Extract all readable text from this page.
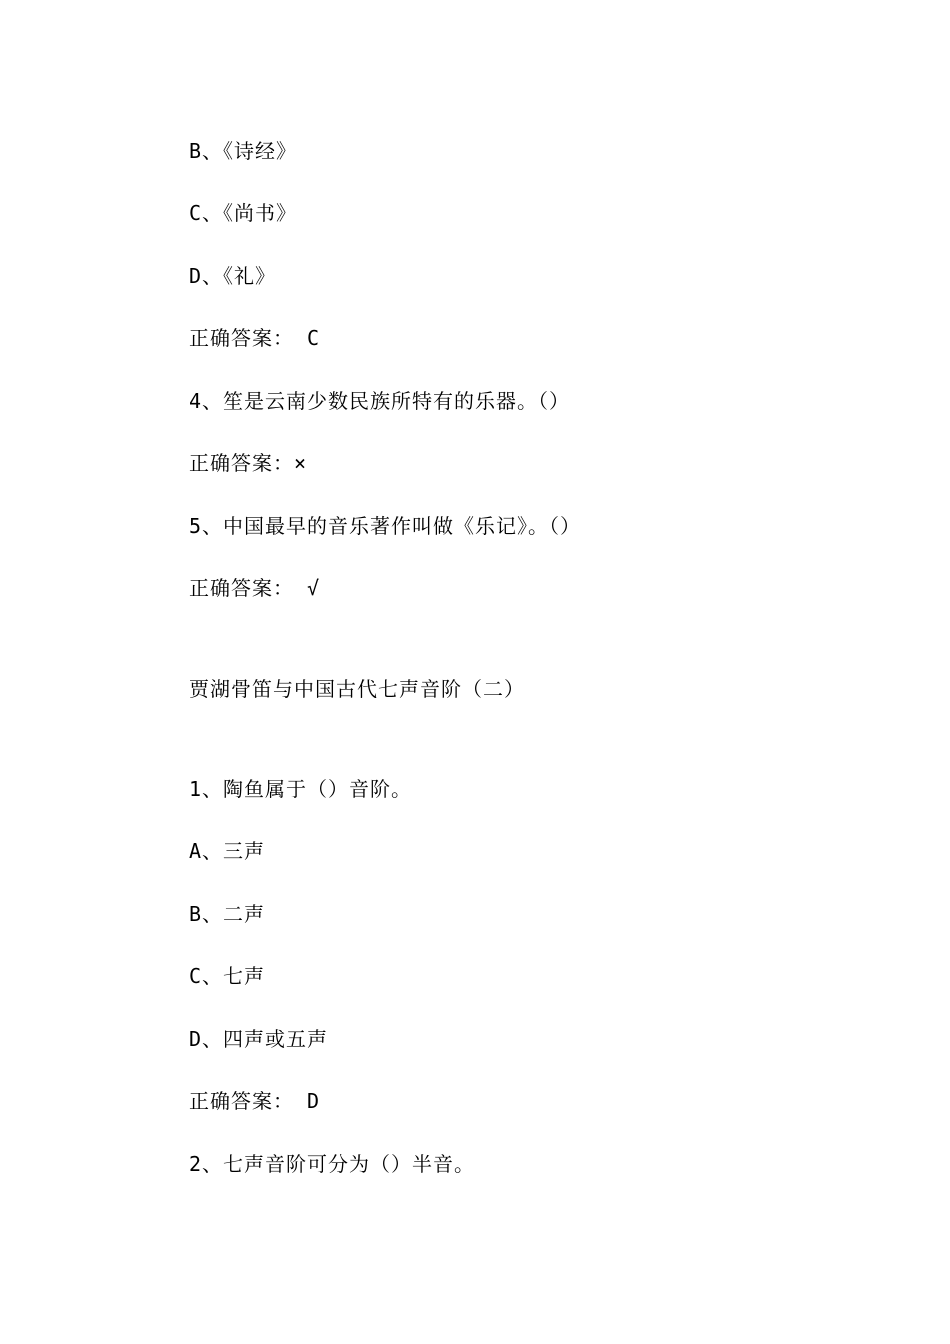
B、《诗经》
C、《尚书》
D、《礼》
正确答案： C
4、笙是云南少数民族所特有的乐器。（）
正确答案：×
5、中国最早的音乐著作叫做《乐记》。（）
正确答案： √
贾湖骨笛与中国古代七声音阶（二）
1、陶鱼属于（）音阶。
A、三声
B、二声
C、七声
D、四声或五声
正确答案： D
2、七声音阶可分为（）半音。
